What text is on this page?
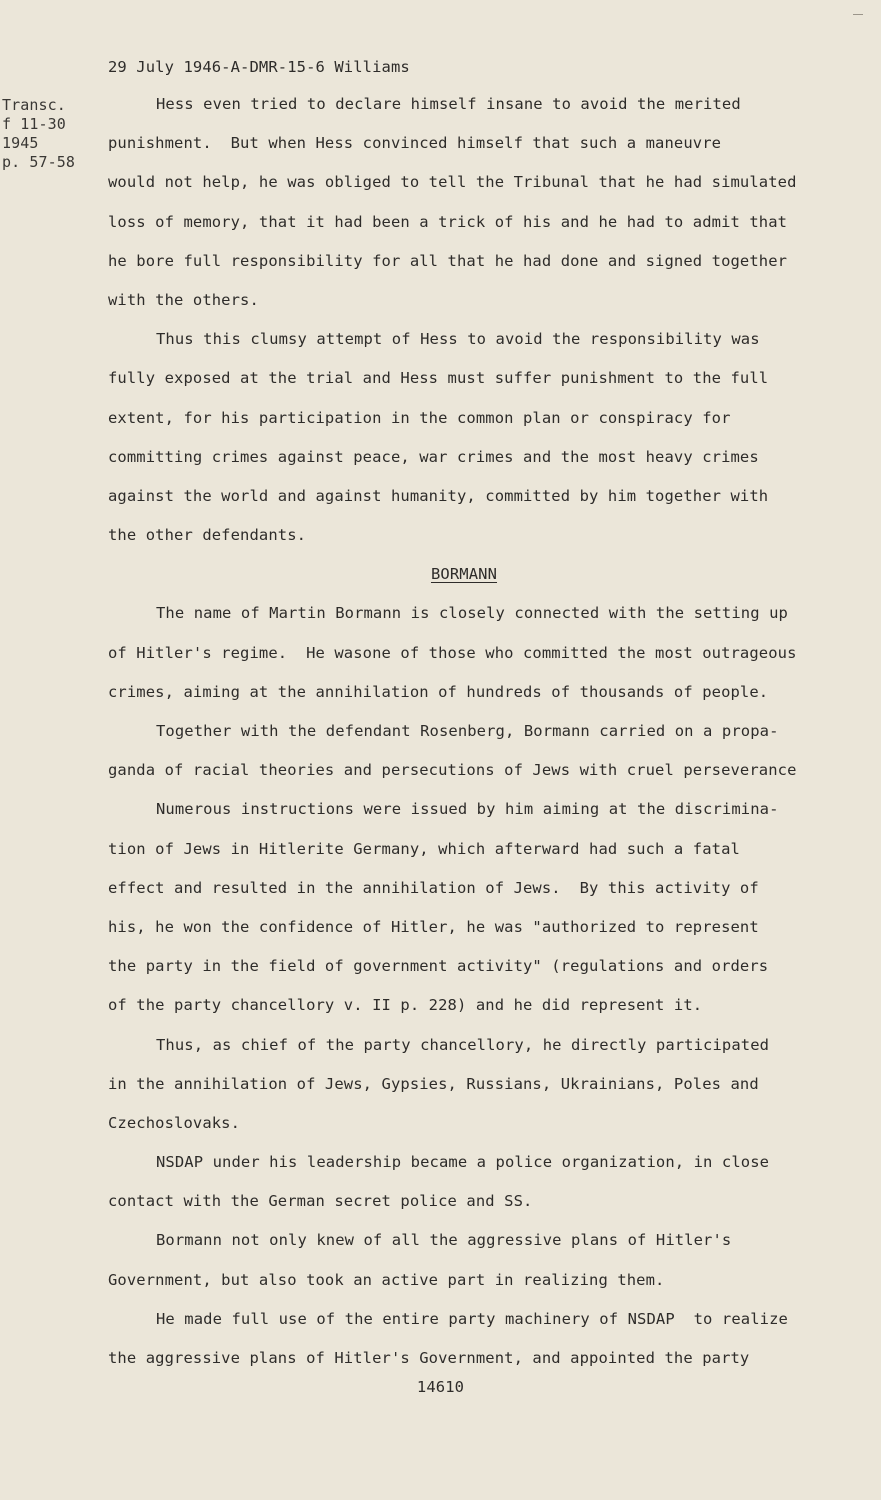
29 July 1946-A-DMR-15-6 Williams
Transc.
f 11-30
1945
p. 57-58
Hess even tried to declare himself insane to avoid the merited
punishment.  But when Hess convinced himself that such a maneuvre
would not help, he was obliged to tell the Tribunal that he had simulated
loss of memory, that it had been a trick of his and he had to admit that
he bore full responsibility for all that he had done and signed together
with the others.
Thus this clumsy attempt of Hess to avoid the responsibility was
fully exposed at the trial and Hess must suffer punishment to the full
extent, for his participation in the common plan or conspiracy for
committing crimes against peace, war crimes and the most heavy crimes
against the world and against humanity, committed by him together with
the other defendants.
BORMANN
The name of Martin Bormann is closely connected with the setting up
of Hitler's regime.  He wasone of those who committed the most outrageous
crimes, aiming at the annihilation of hundreds of thousands of people.
Together with the defendant Rosenberg, Bormann carried on a propa-
ganda of racial theories and persecutions of Jews with cruel perseverance
Numerous instructions were issued by him aiming at the discrimina-
tion of Jews in Hitlerite Germany, which afterward had such a fatal
effect and resulted in the annihilation of Jews.  By this activity of
his, he won the confidence of Hitler, he was "authorized to represent
the party in the field of government activity" (regulations and orders
of the party chancellory v. II p. 228) and he did represent it.
Thus, as chief of the party chancellory, he directly participated
in the annihilation of Jews, Gypsies, Russians, Ukrainians, Poles and
Czechoslovaks.
NSDAP under his leadership became a police organization, in close
contact with the German secret police and SS.
Bormann not only knew of all the aggressive plans of Hitler's
Government, but also took an active part in realizing them.
He made full use of the entire party machinery of NSDAP  to realize
the aggressive plans of Hitler's Government, and appointed the party
14610
